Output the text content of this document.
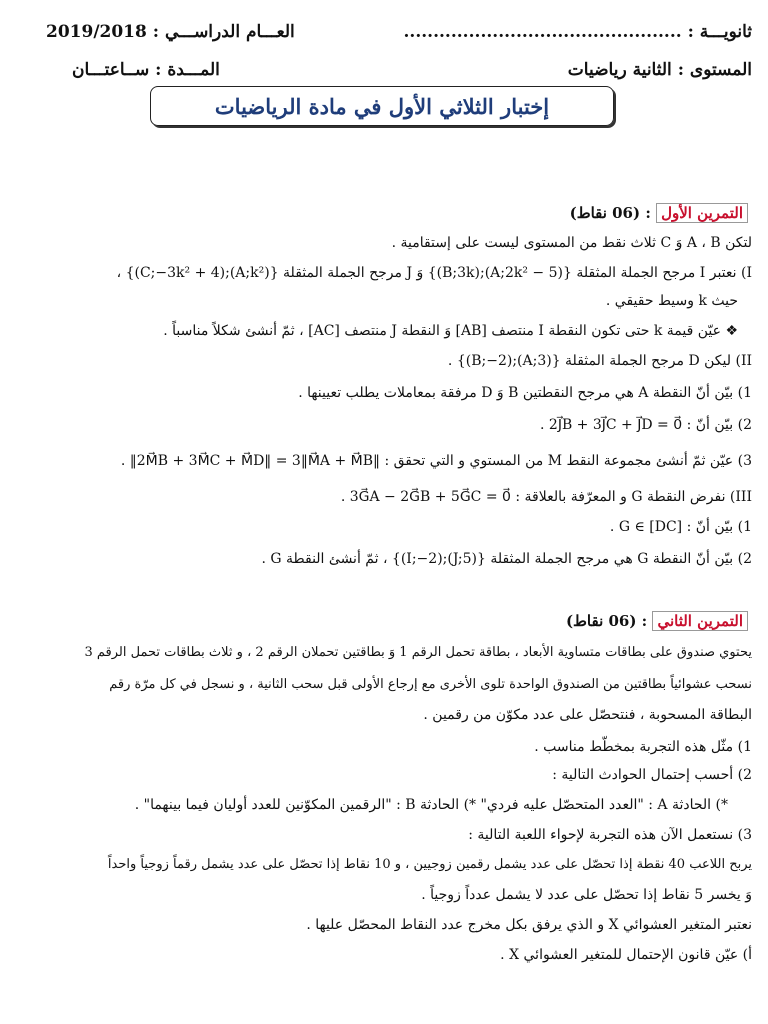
ثانويـــة : ...............................................
العـــام الدراســـي : 2019/2018
المستوى : الثانية رياضيات
المـــدة : ســاعتـــان
إختبار الثلاثي الأول في مادة الرياضيات
التمرين الأول : (06 نقاط)
لتكن A ، B وَ C ثلاث نقط من المستوى ليست على إستقامية .
I) نعتبر I مرجح الجملة المثقلة {(A;2k² − 5);(B;3k)} وَ J مرجح الجملة المثقلة {(A;k²);(C;−3k² + 4)} ،
حيث k وسيط حقيقي .
❖ عيّن قيمة k حتى تكون النقطة I منتصف [AB] وَ النقطة J منتصف [AC] ، ثمّ أنشئ شكلاً مناسباً .
II) ليكن D مرجح الجملة المثقلة {(A;3);(B;−2)} .
1) بيّن أنّ النقطة A هي مرجح النقطتين B وَ D مرفقة بمعاملات يطلب تعيينها .
2) بيّن أنّ : 2J⃗B + 3J⃗C + J⃗D = 0⃗ .
3) عيّن ثمّ أنشئ مجموعة النقط M من المستوي و التي تحقق : ‖2M⃗B + 3M⃗C + M⃗D‖ = 3‖M⃗A + M⃗B‖ .
III) نفرض النقطة G و المعرّفة بالعلاقة : 3G⃗A − 2G⃗B + 5G⃗C = 0⃗ .
1) بيّن أنّ : G ∈ [DC] .
2) بيّن أنّ النقطة G هي مرجح الجملة المثقلة {(J;5);(I;−2)} ، ثمّ أنشئ النقطة G .
التمرين الثاني : (06 نقاط)
يحتوي صندوق على بطاقات متساوية الأبعاد ، بطاقة تحمل الرقم 1 وَ بطاقتين تحملان الرقم 2 ، و ثلاث بطاقات تحمل الرقم 3
نسحب عشوائياً بطاقتين من الصندوق الواحدة تلوى الأخرى مع إرجاع الأولى قبل سحب الثانية ، و نسجل في كل مرّة رقم
البطاقة المسحوبة ، فنتحصّل على عدد مكوّن من رقمين .
1) مثّل هذه التجربة بمخطّط مناسب .
2) أحسب إحتمال الحوادث التالية :
*) الحادثة A : "العدد المتحصّل عليه فردي" *) الحادثة B : "الرقمين المكوّنين للعدد أوليان فيما بينهما" .
3) نستعمل الآن هذه التجربة لإحواء اللعبة التالية :
يربح اللاعب 40 نقطة إذا تحصّل على عدد يشمل رقمين زوجيين ، و 10 نقاط إذا تحصّل على عدد يشمل رقماً زوجياً واحداً
وَ يخسر 5 نقاط إذا تحصّل على عدد لا يشمل عدداً زوجياً .
نعتبر المتغير العشوائي X و الذي يرفق بكل مخرج عدد النقاط المحصّل عليها .
أ) عيّن قانون الإحتمال للمتغير العشوائي X .
